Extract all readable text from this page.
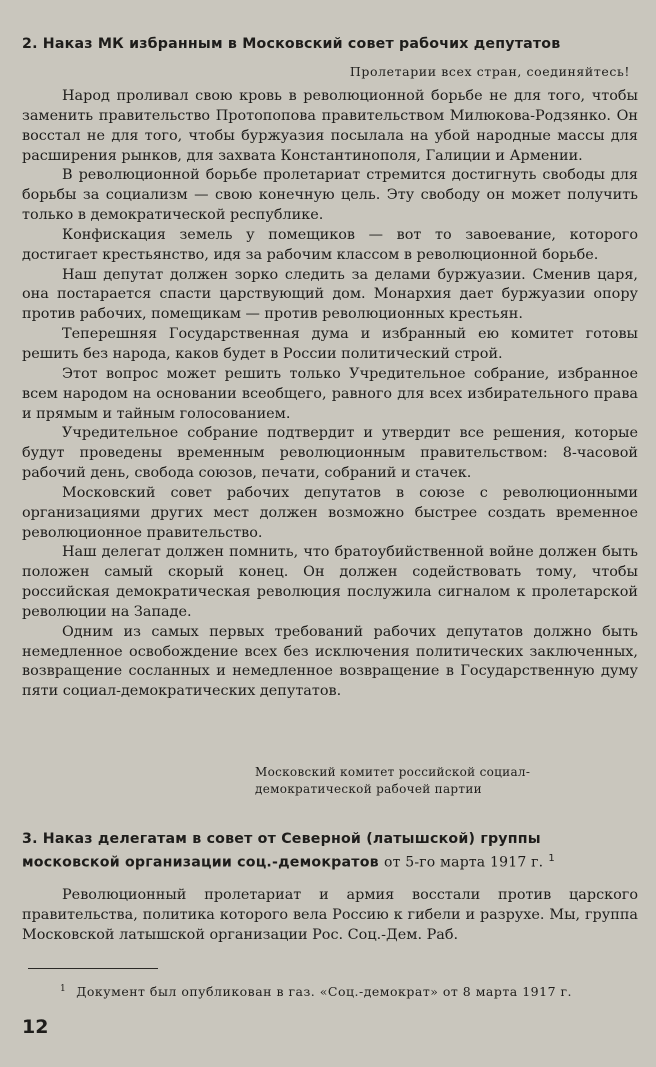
2. Наказ МК избранным в Московский совет рабочих депутатов
Пролетарии всех стран, соединяйтесь!

Народ проливал свою кровь в революционной борьбе не для того, чтобы заменить правительство Протопопова правительством Милюкова-Родзянко. Он восстал не для того, чтобы буржуазия посылала на убой народные массы для расширения рынков, для захвата Константинополя, Галиции и Армении.

В революционной борьбе пролетариат стремится достигнуть свободы для борьбы за социализм — свою конечную цель. Эту свободу он может получить только в демократической республике.

Конфискация земель у помещиков — вот то завоевание, которого достигает крестьянство, идя за рабочим классом в революционной борьбе.

Наш депутат должен зорко следить за делами буржуазии. Сменив царя, она постарается спасти царствующий дом. Монархия дает буржуазии опору против рабочих, помещикам — против революционных крестьян.

Теперешняя Государственная дума и избранный ею комитет готовы решить без народа, каков будет в России политический строй.

Этот вопрос может решить только Учредительное собрание, избранное всем народом на основании всеобщего, равного для всех избирательного права и прямым и тайным голосованием.

Учредительное собрание подтвердит и утвердит все решения, которые будут проведены временным революционным правительством: 8-часовой рабочий день, свобода союзов, печати, собраний и стачек.

Московский совет рабочих депутатов в союзе с революционными организациями других мест должен возможно быстрее создать временное революционное правительство.

Наш делегат должен помнить, что братоубийственной войне должен быть положен самый скорый конец. Он должен содействовать тому, чтобы российская демократическая революция послужила сигналом к пролетарской революции на Западе.

Одним из самых первых требований рабочих депутатов должно быть немедленное освобождение всех без исключения политических заключенных, возвращение сосланных и немедленное возвращение в Государственную думу пяти социал-демократических депутатов.

Московский комитет российской социал-демократической рабочей партии
3. Наказ делегатам в совет от Северной (латышской) группы московской организации соц.-демократов от 5-го марта 1917 г. $^1$

Революционный пролетариат и армия восстали против царского правительства, политика которого вела Россию к гибели и разрухе. Мы, группа Московской латышской организации Рос. Соц.-Дем. Раб.

$^1$ Документ был опубликован в газ. «Соц.-демократ» от 8 марта 1917 г.
12
